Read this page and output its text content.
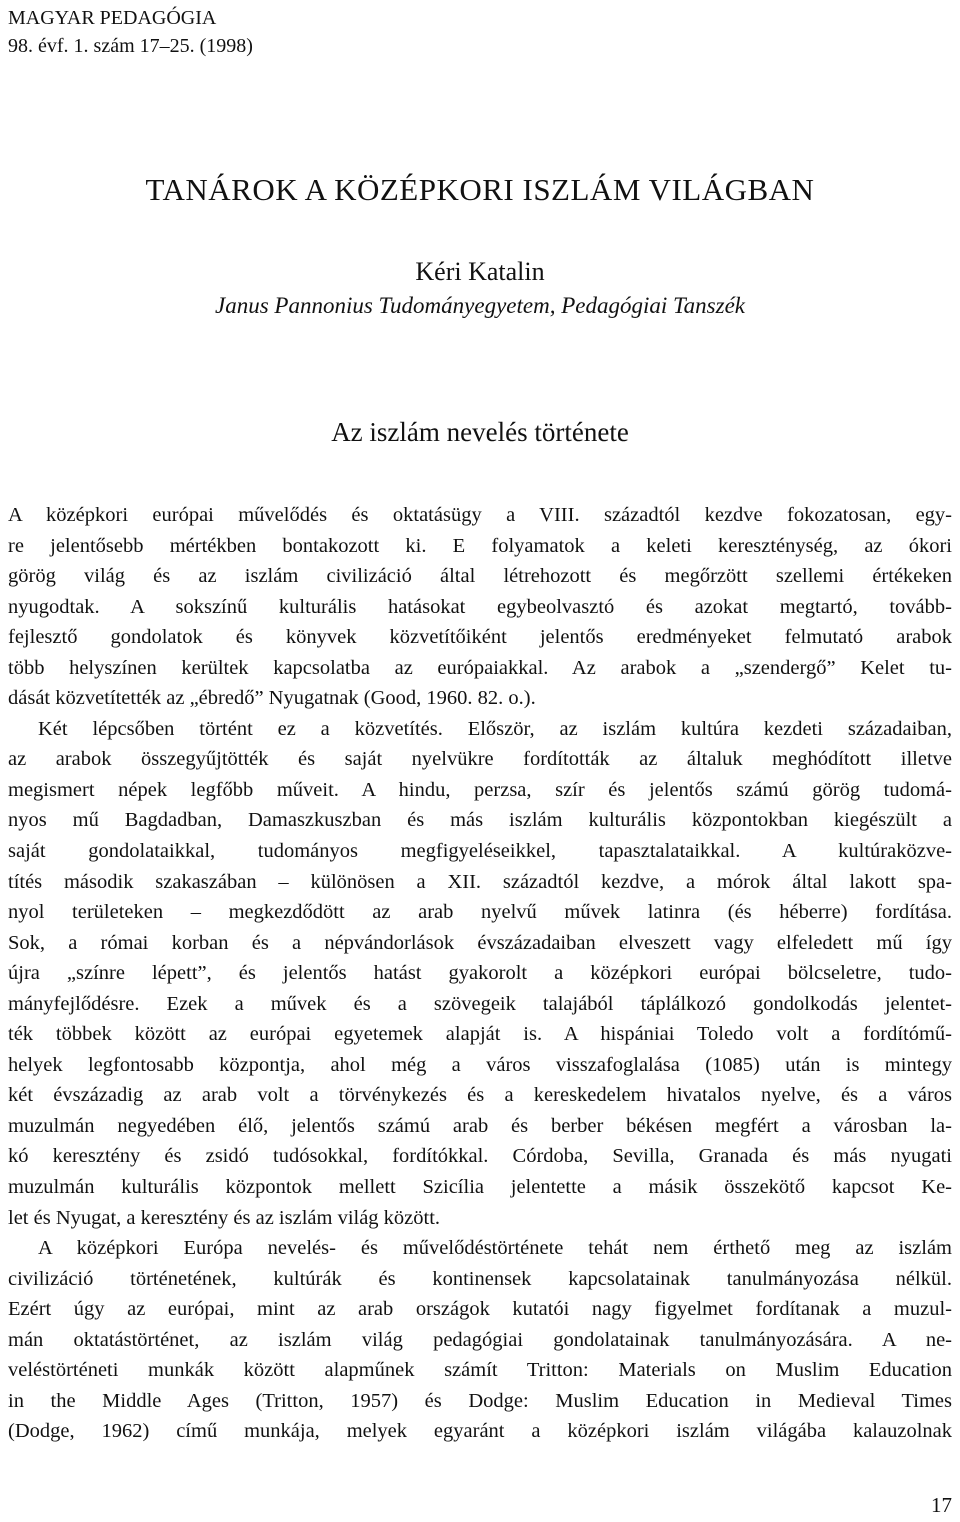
MAGYAR PEDAGÓGIA
98. évf. 1. szám 17–25. (1998)
TANÁROK A KÖZÉPKORI ISZLÁM VILÁGBAN
Kéri Katalin
Janus Pannonius Tudományegyetem, Pedagógiai Tanszék
Az iszlám nevelés története
A középkori európai művelődés és oktatásügy a VIII. századtól kezdve fokozatosan, egy-
re jelentősebb mértékben bontakozott ki. E folyamatok a keleti kereszténység, az ókori
görög világ és az iszlám civilizáció által létrehozott és megőrzött szellemi értékeken
nyugodtak. A sokszínű kulturális hatásokat egybeolvasztó és azokat megtartó, tovább-
fejlesztő gondolatok és könyvek közvetítőiként jelentős eredményeket felmutató arabok
több helyszínen kerültek kapcsolatba az európaiakkal. Az arabok a „szendergő” Kelet tu-
dását közvetítették az „ébredő” Nyugatnak (Good, 1960. 82. o.).
Két lépcsőben történt ez a közvetítés. Először, az iszlám kultúra kezdeti századaiban,
az arabok összegyűjtötték és saját nyelvükre fordították az általuk meghódított illetve
megismert népek legfőbb műveit. A hindu, perzsa, szír és jelentős számú görög tudomá-
nyos mű Bagdadban, Damaszkuszban és más iszlám kulturális központokban kiegészült a
saját gondolataikkal, tudományos megfigyeléseikkel, tapasztalataikkal. A kultúraközve-
títés második szakaszában – különösen a XII. századtól kezdve, a mórok által lakott spa-
nyol területeken – megkezdődött az arab nyelvű művek latinra (és héberre) fordítása.
Sok, a római korban és a népvándorlások évszázadaiban elveszett vagy elfeledett mű így
újra „színre lépett”, és jelentős hatást gyakorolt a középkori európai bölcseletre, tudo-
mányfejlődésre. Ezek a művek és a szövegeik talajából táplálkozó gondolkodás jelentet-
ték többek között az európai egyetemek alapját is. A hispániai Toledo volt a fordítómű-
helyek legfontosabb központja, ahol még a város visszafoglalása (1085) után is mintegy
két évszázadig az arab volt a törvénykezés és a kereskedelem hivatalos nyelve, és a város
muzulmán negyedében élő, jelentős számú arab és berber békésen megfért a városban la-
kó keresztény és zsidó tudósokkal, fordítókkal. Córdoba, Sevilla, Granada és más nyugati
muzulmán kulturális központok mellett Szicília jelentette a másik összekötő kapcsot Ke-
let és Nyugat, a keresztény és az iszlám világ között.
A középkori Európa nevelés- és művelődéstörténete tehát nem érthető meg az iszlám
civilizáció történetének, kultúrák és kontinensek kapcsolatainak tanulmányozása nélkül.
Ezért úgy az európai, mint az arab országok kutatói nagy figyelmet fordítanak a muzul-
mán oktatástörténet, az iszlám világ pedagógiai gondolatainak tanulmányozására. A ne-
veléstörténeti munkák között alapműnek számít Tritton: Materials on Muslim Education
in the Middle Ages (Tritton, 1957) és Dodge: Muslim Education in Medieval Times
(Dodge, 1962) című munkája, melyek egyaránt a középkori iszlám világába kalauzolnak
17
